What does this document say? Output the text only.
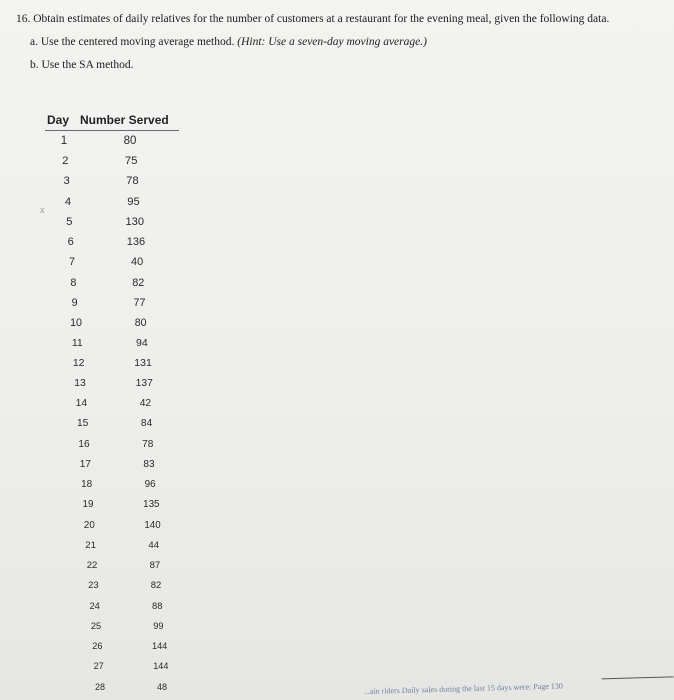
16. Obtain estimates of daily relatives for the number of customers at a restaurant for the evening meal, given the following data.
a. Use the centered moving average method. (Hint: Use a seven-day moving average.)
b. Use the SA method.
Day Number Served
x
1	80
2	75
3	78
4	95
5	130
6	136
7	40
8	82
9	77
10	80
11	94
12	131
13	137
14	42
15	84
16	78
17	83
18	96
19	135
20	140
21	44
22	87
23	82
24	88
25	99
26	144
27	144
28	48	...ain riders Daily sales during the last 15 days were: Page 130
